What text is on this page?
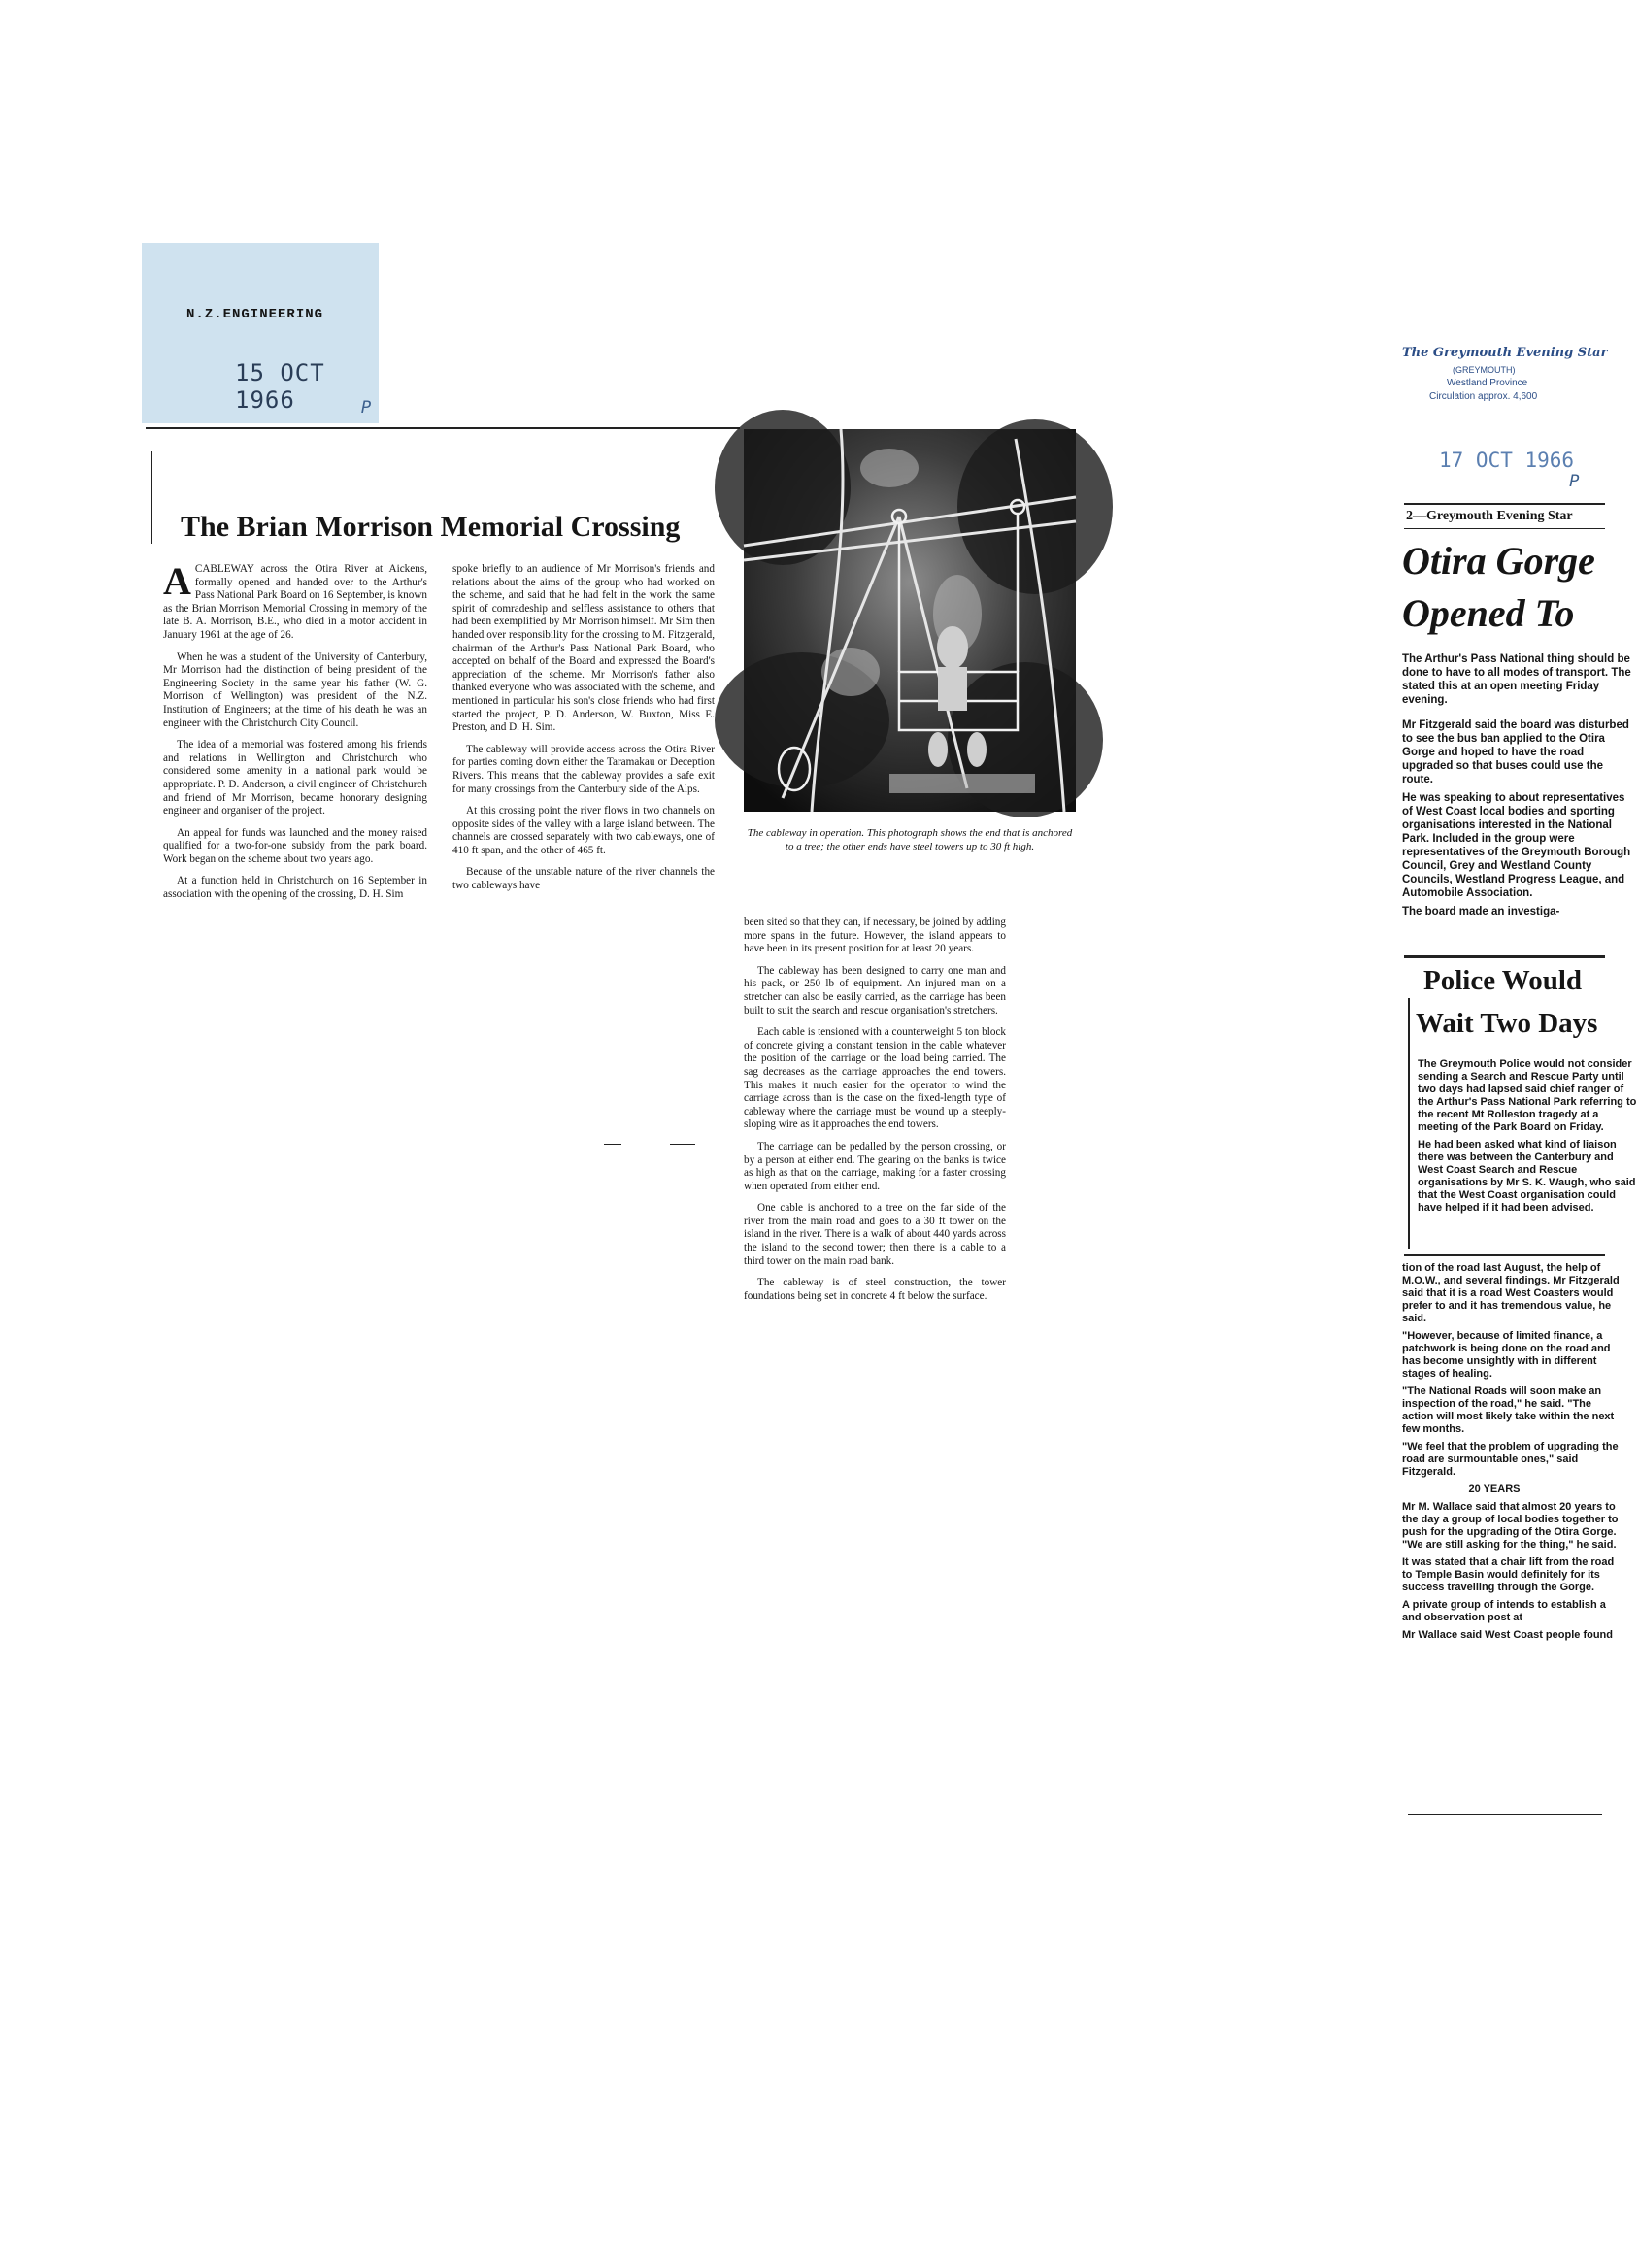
N.Z.ENGINEERING
15 OCT 1966	P
The Brian Morrison Memorial Crossing

ACABLEWAY across the Otira River at Aickens, formally opened and handed over to the Arthur's Pass National Park Board on 16 September, is known as the Brian Morrison Memorial Crossing in memory of the late B. A. Morrison, B.E., who died in a motor accident in January 1961 at the age of 26.

When he was a student of the University of Canterbury, Mr Morrison had the distinction of being president of the Engineering Society in the same year his father (W. G. Morrison of Wellington) was president of the N.Z. Institution of Engineers; at the time of his death he was an engineer with the Christchurch City Council.

The idea of a memorial was fostered among his friends and relations in Wellington and Christchurch who considered some amenity in a national park would be appropriate. P. D. Anderson, a civil engineer of Christchurch and friend of Mr Morrison, became honorary designing engineer and organiser of the project.

An appeal for funds was launched and the money raised qualified for a two-for-one subsidy from the park board. Work began on the scheme about two years ago.

At a function held in Christchurch on 16 September in association with the opening of the crossing, D. H. Sim

spoke briefly to an audience of Mr Morrison's friends and relations about the aims of the group who had worked on the scheme, and said that he had felt in the work the same spirit of comradeship and selfless assistance to others that had been exemplified by Mr Morrison himself. Mr Sim then handed over responsibility for the crossing to M. Fitzgerald, chairman of the Arthur's Pass National Park Board, who accepted on behalf of the Board and expressed the Board's appreciation of the scheme. Mr Morrison's father also thanked everyone who was associated with the scheme, and mentioned in particular his son's close friends who had first started the project, P. D. Anderson, W. Buxton, Miss E. Preston, and D. H. Sim.

The cableway will provide access across the Otira River for parties coming down either the Taramakau or Deception Rivers. This means that the cableway provides a safe exit for many crossings from the Canterbury side of the Alps.

At this crossing point the river flows in two channels on opposite sides of the valley with a large island between. The channels are crossed separately with two cableways, one of 410 ft span, and the other of 465 ft.

Because of the unstable nature of the river channels the two cableways have

The cableway in operation. This photograph shows the end that is anchored to a tree; the other ends have steel towers up to 30 ft high.

been sited so that they can, if necessary, be joined by adding more spans in the future. However, the island appears to have been in its present position for at least 20 years.

The cableway has been designed to carry one man and his pack, or 250 lb of equipment. An injured man on a stretcher can also be easily carried, as the carriage has been built to suit the search and rescue organisation's stretchers.

Each cable is tensioned with a counterweight 5 ton block of concrete giving a constant tension in the cable whatever the position of the carriage or the load being carried. The sag decreases as the carriage approaches the end towers. This makes it much easier for the operator to wind the carriage across than is the case on the fixed-length type of cableway where the carriage must be wound up a steeply-sloping wire as it approaches the end towers.

The carriage can be pedalled by the person crossing, or by a person at either end. The gearing on the banks is twice as high as that on the carriage, making for a faster crossing when operated from either end.

One cable is anchored to a tree on the far side of the river from the main road and goes to a 30 ft tower on the island in the river. There is a walk of about 440 yards across the island to the second tower; then there is a cable to a third tower on the main road bank.

The cableway is of steel construction, the tower foundations being set in concrete 4 ft below the surface.

The Greymouth Evening Star
(GREYMOUTH)
Westland Province
Circulation approx. 4,600
17 OCT 1966
P
2—Greymouth Evening Star
Otira Gorge
Opened To

The Arthur's Pass National thing should be done to have to all modes of transport. The stated this at an open meeting Friday evening.

Mr Fitzgerald said the board was disturbed to see the bus ban applied to the Otira Gorge and hoped to have the road upgraded so that buses could use the route.

He was speaking to about representatives of West Coast local bodies and sporting organisations interested in the National Park. Included in the group were representatives of the Greymouth Borough Council, Grey and Westland County Councils, Westland Progress League, and Automobile Association.

The board made an investiga-

Police Would
Wait Two Days

The Greymouth Police would not consider sending a Search and Rescue Party until two days had lapsed said chief ranger of the Arthur's Pass National Park referring to the recent Mt Rolleston tragedy at a meeting of the Park Board on Friday.

He had been asked what kind of liaison there was between the Canterbury and West Coast Search and Rescue organisations by Mr S. K. Waugh, who said that the West Coast organisation could have helped if it had been advised.

tion of the road last August, the help of M.O.W., and several findings. Mr Fitzgerald said that it is a road West Coasters would prefer to and it has tremendous value, he said.

"However, because of limited finance, a patchwork is being done on the road and has become unsightly with in different stages of healing.

"The National Roads will soon make an inspection of the road," he said. "The action will most likely take within the next few months.

"We feel that the problem of upgrading the road are surmountable ones," said Fitzgerald.

20 YEARS

Mr M. Wallace said that almost 20 years to the day a group of local bodies together to push for the upgrading of the Otira Gorge. "We are still asking for the thing," he said.

It was stated that a chair lift from the road to Temple Basin would definitely for its success travelling through the Gorge.

A private group of intends to establish a and observation post at

Mr Wallace said West Coast people found
